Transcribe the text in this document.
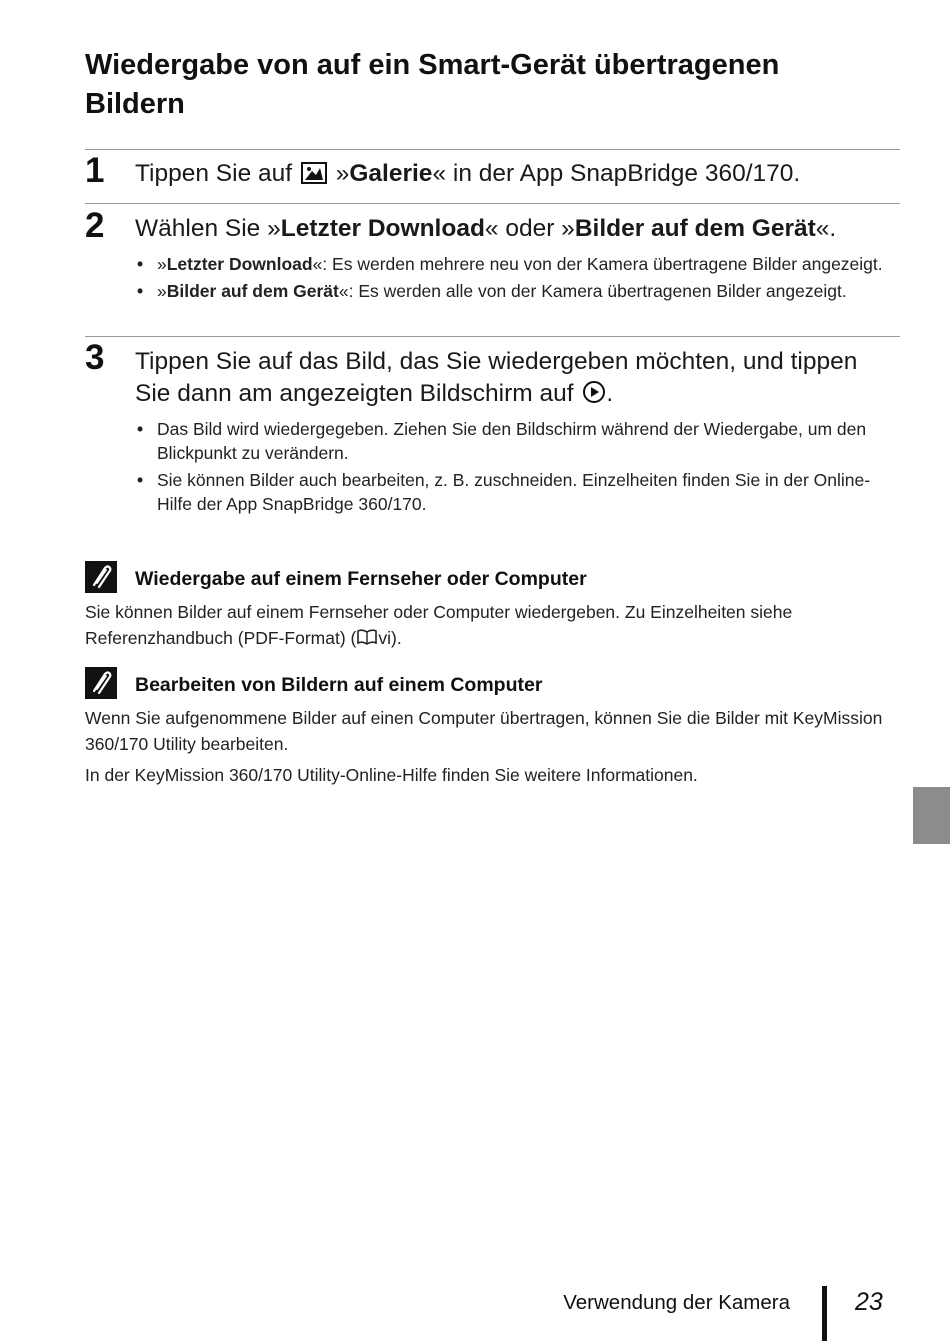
Wiedergabe von auf ein Smart-Gerät übertragenen Bildern
1 Tippen Sie auf
»Galerie« in der App SnapBridge 360/170.
2 Wählen Sie »Letzter Download« oder »Bilder auf dem Gerät«.
• »Letzter Download«: Es werden mehrere neu von der Kamera übertragene Bilder angezeigt.
• »Bilder auf dem Gerät«: Es werden alle von der Kamera übertragenen Bilder angezeigt.
3 Tippen Sie auf das Bild, das Sie wiedergeben möchten, und tippen Sie dann am angezeigten Bildschirm auf .
• Das Bild wird wiedergegeben. Ziehen Sie den Bildschirm während der Wiedergabe, um den Blickpunkt zu verändern.
• Sie können Bilder auch bearbeiten, z. B. zuschneiden. Einzelheiten finden Sie in der Online-Hilfe der App SnapBridge 360/170.
Wiedergabe auf einem Fernseher oder Computer

Sie können Bilder auf einem Fernseher oder Computer wiedergeben. Zu Einzelheiten siehe Referenzhandbuch (PDF-Format) ( vi).

Bearbeiten von Bildern auf einem Computer

Wenn Sie aufgenommene Bilder auf einen Computer übertragen, können Sie die Bilder mit KeyMission 360/170 Utility bearbeiten.

In der KeyMission 360/170 Utility-Online-Hilfe finden Sie weitere Informationen.

Verwendung der Kamera	23
